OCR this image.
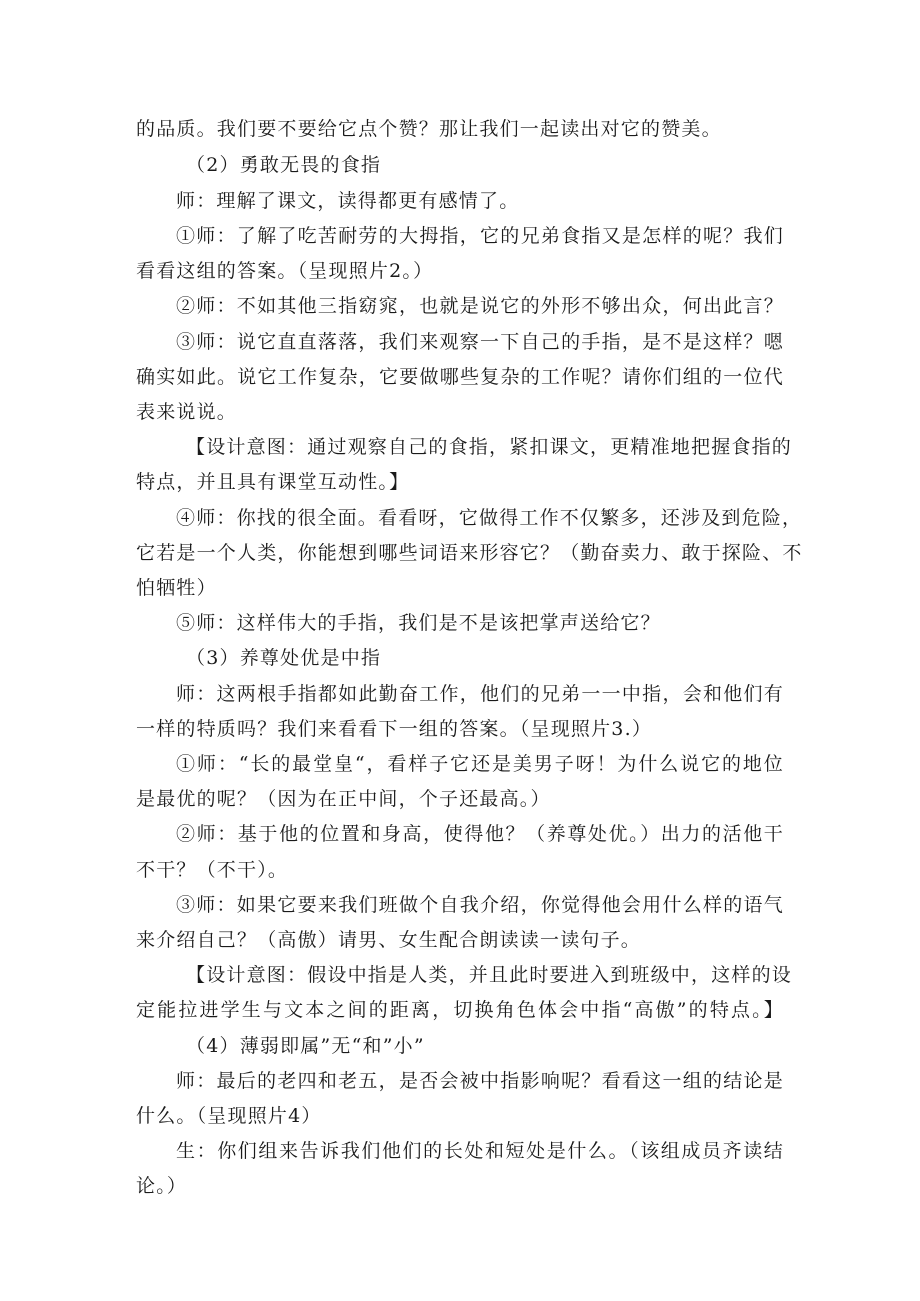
的品质。我们要不要给它点个赞？那让我们一起读出对它的赞美。
（2）勇敢无畏的食指
师：理解了课文，读得都更有感情了。
①师：了解了吃苦耐劳的大拇指，它的兄弟食指又是怎样的呢？我们
看看这组的答案。（呈现照片2。）
②师：不如其他三指窈窕，也就是说它的外形不够出众，何出此言？
③师：说它直直落落，我们来观察一下自己的手指，是不是这样？嗯
确实如此。说它工作复杂，它要做哪些复杂的工作呢？请你们组的一位代
表来说说。
【设计意图：通过观察自己的食指，紧扣课文，更精准地把握食指的
特点，并且具有课堂互动性。】
④师：你找的很全面。看看呀，它做得工作不仅繁多，还涉及到危险，
它若是一个人类，你能想到哪些词语来形容它？（勤奋卖力、敢于探险、不
怕牺牲）
⑤师：这样伟大的手指，我们是不是该把掌声送给它？
（3）养尊处优是中指
师：这两根手指都如此勤奋工作，他们的兄弟一一中指，会和他们有
一样的特质吗？我们来看看下一组的答案。（呈现照片3.）
①师：“长的最堂皇“，看样子它还是美男子呀！为什么说它的地位
是最优的呢？（因为在正中间，个子还最高。）
②师：基于他的位置和身高，使得他？（养尊处优。）出力的活他干
不干？（不干）。
③师：如果它要来我们班做个自我介绍，你觉得他会用什么样的语气
来介绍自己？（高傲）请男、女生配合朗读读一读句子。
【设计意图：假设中指是人类，并且此时要进入到班级中，这样的设
定能拉进学生与文本之间的距离，切换角色体会中指“高傲”的特点。】
（4）薄弱即属”无“和”小”
师：最后的老四和老五，是否会被中指影响呢？看看这一组的结论是
什么。（呈现照片4）
生：你们组来告诉我们他们的长处和短处是什么。（该组成员齐读结
论。）
